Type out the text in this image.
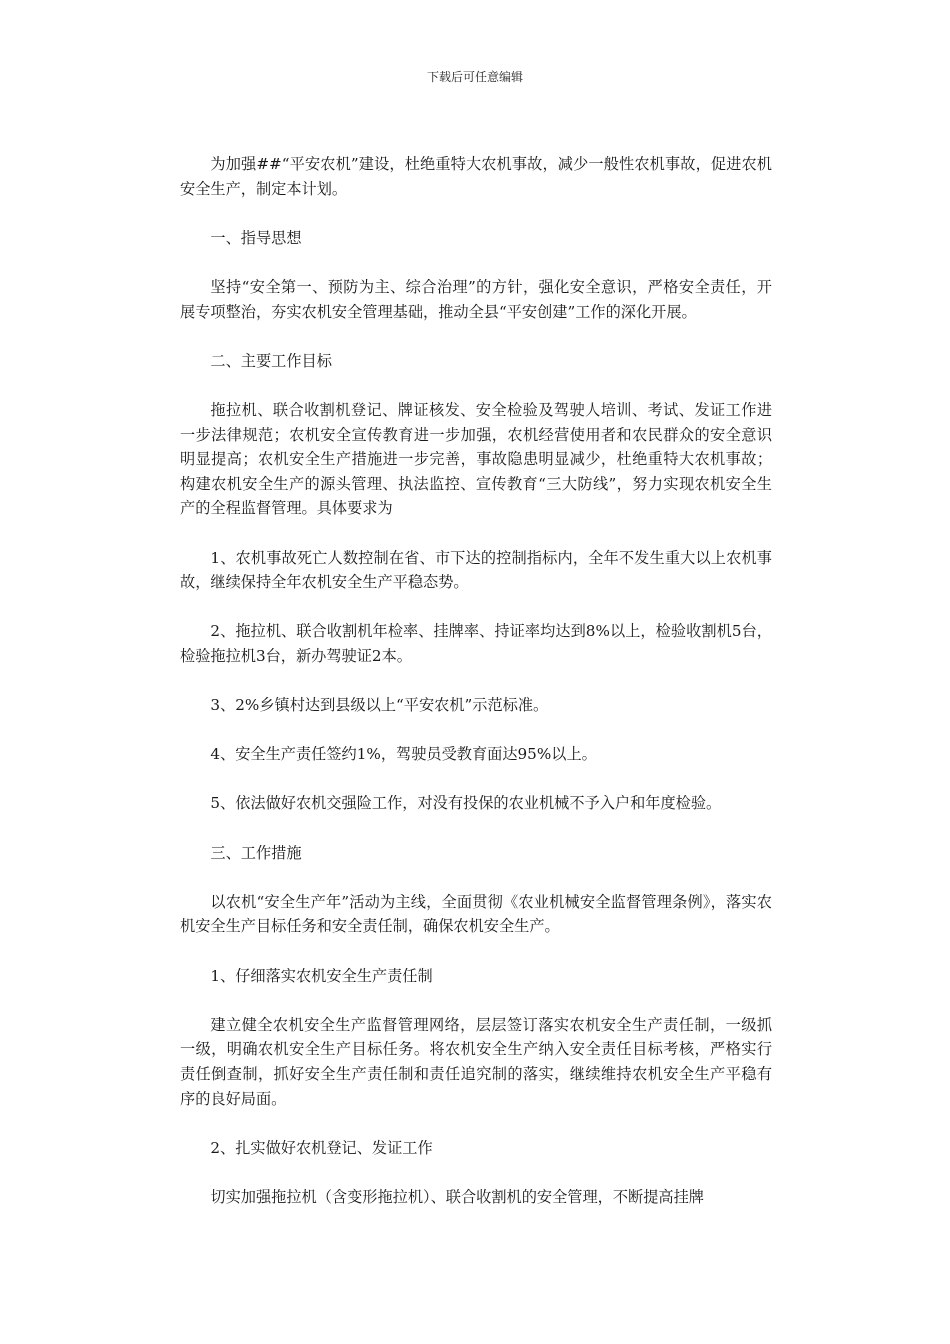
下载后可任意编辑

为加强##“平安农机”建设，杜绝重特大农机事故，减少一般性农机事故，促进农机安全生产，制定本计划。

一、指导思想

坚持“安全第一、预防为主、综合治理”的方针，强化安全意识，严格安全责任，开展专项整治，夯实农机安全管理基础，推动全县“平安创建”工作的深化开展。

二、主要工作目标

拖拉机、联合收割机登记、牌证核发、安全检验及驾驶人培训、考试、发证工作进一步法律规范；农机安全宣传教育进一步加强，农机经营使用者和农民群众的安全意识明显提高；农机安全生产措施进一步完善，事故隐患明显减少，杜绝重特大农机事故；构建农机安全生产的源头管理、执法监控、宣传教育“三大防线”，努力实现农机安全生产的全程监督管理。具体要求为

1、农机事故死亡人数控制在省、市下达的控制指标内，全年不发生重大以上农机事故，继续保持全年农机安全生产平稳态势。

2、拖拉机、联合收割机年检率、挂牌率、持证率均达到8%以上，检验收割机5台，检验拖拉机3台，新办驾驶证2本。

3、2%乡镇村达到县级以上“平安农机”示范标准。

4、安全生产责任签约1%，驾驶员受教育面达95%以上。

5、依法做好农机交强险工作，对没有投保的农业机械不予入户和年度检验。

三、工作措施

以农机“安全生产年”活动为主线，全面贯彻《农业机械安全监督管理条例》，落实农机安全生产目标任务和安全责任制，确保农机安全生产。

1、仔细落实农机安全生产责任制

建立健全农机安全生产监督管理网络，层层签订落实农机安全生产责任制，一级抓一级，明确农机安全生产目标任务。将农机安全生产纳入安全责任目标考核，严格实行责任倒查制，抓好安全生产责任制和责任追究制的落实，继续维持农机安全生产平稳有序的良好局面。

2、扎实做好农机登记、发证工作

切实加强拖拉机（含变形拖拉机）、联合收割机的安全管理，不断提高挂牌
